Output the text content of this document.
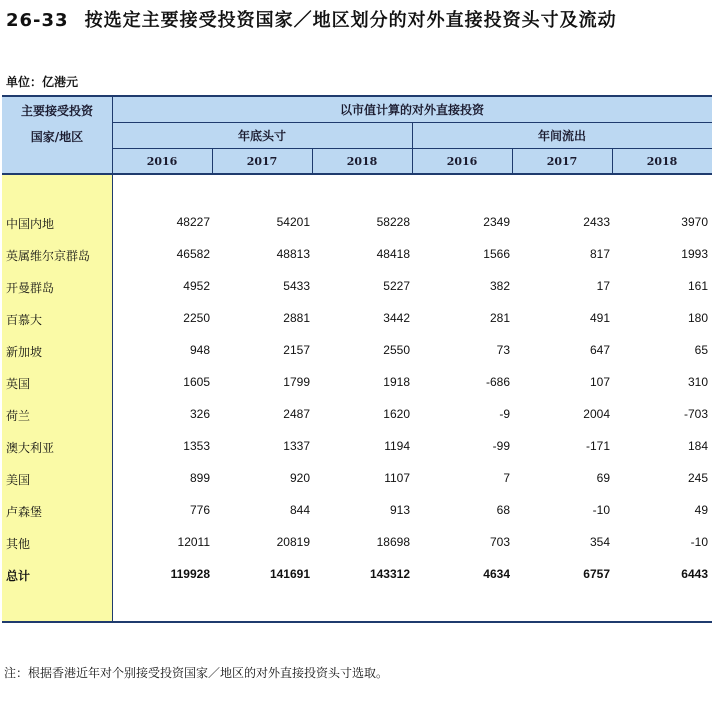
26-33 按选定主要接受投资国家／地区划分的对外直接投资头寸及流动
单位：亿港元
主要接受投资
国家/地区
以市值计算的对外直接投资
年底头寸	年间流出
2016	2017	2018	2016	2017	2018
中国内地	48227	54201	58228	2349	2433	3970
英属维尔京群岛	46582	48813	48418	1566	817	1993
开曼群岛	4952	5433	5227	382	17	161
百慕大	2250	2881	3442	281	491	180
新加坡	948	2157	2550	73	647	65
英国	1605	1799	1918	-686	107	310
荷兰	326	2487	1620	-9	2004	-703
澳大利亚	1353	1337	1194	-99	-171	184
美国	899	920	1107	7	69	245
卢森堡	776	844	913	68	-10	49
其他	12011	20819	18698	703	354	-10
总计	119928	141691	143312	4634	6757	6443
注：根据香港近年对个别接受投资国家／地区的对外直接投资头寸选取。
